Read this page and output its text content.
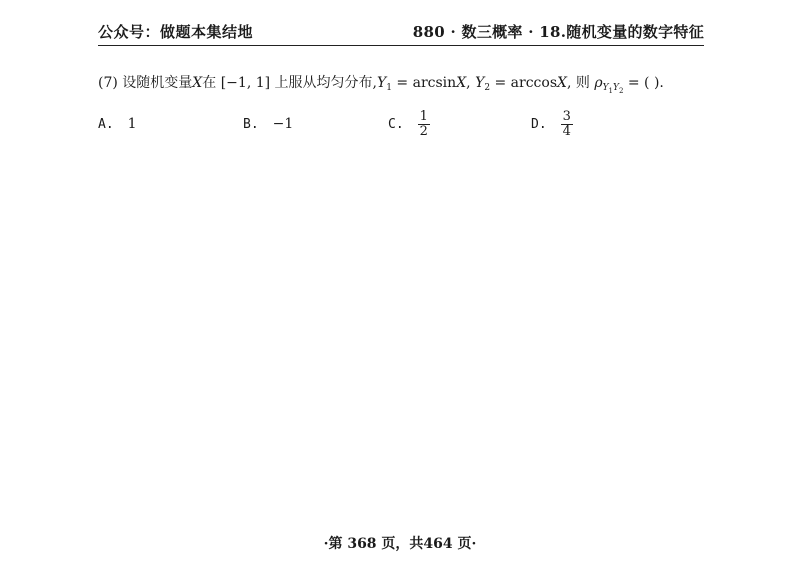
公众号：做题本集结地	880 · 数三概率 · 18.随机变量的数字特征
(7) 设随机变量X在 [−1, 1] 上服从均匀分布$,Y_1 = \arcsin X$, $Y_2 = \arccos X$, 则 $\rho_{Y_1Y_2}$ = ( ).
A. 1	B. −1	C. $\frac{1}{2}$	D. $\frac{3}{4}$
·第 368 页，共464 页·
